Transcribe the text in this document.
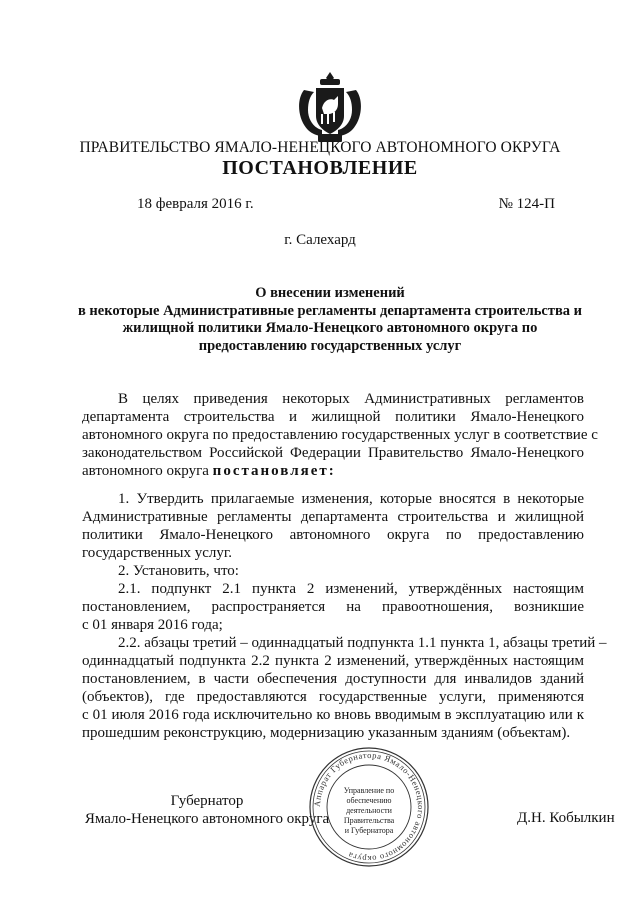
ПРАВИТЕЛЬСТВО ЯМАЛО-НЕНЕЦКОГО АВТОНОМНОГО ОКРУГА
ПОСТАНОВЛЕНИЕ
18 февраля 2016 г.	№ 124-П
г. Салехард
О внесении изменений
в некоторые Административные регламенты департамента строительства и
жилищной политики Ямало-Ненецкого автономного округа по
предоставлению государственных услуг
В целях приведения некоторых Административных регламентов
департамента строительства и жилищной политики Ямало-Ненецкого
автономного округа по предоставлению государственных услуг в соответствие с
законодательством Российской Федерации Правительство Ямало-Ненецкого
автономного округа постановляет:
1. Утвердить прилагаемые изменения, которые вносятся в некоторые
Административные регламенты департамента строительства и жилищной
политики Ямало-Ненецкого автономного округа по предоставлению
государственных услуг.
2. Установить, что:
2.1. подпункт 2.1 пункта 2 изменений, утверждённых настоящим
постановлением, распространяется на правоотношения, возникшие
с 01 января 2016 года;
2.2. абзацы третий – одиннадцатый подпункта 1.1 пункта 1, абзацы третий –
одиннадцатый подпункта 2.2 пункта 2 изменений, утверждённых настоящим
постановлением, в части обеспечения доступности для инвалидов зданий
(объектов), где предоставляются государственные услуги, применяются
с 01 июля 2016 года исключительно ко вновь вводимым в эксплуатацию или к
прошедшим реконструкцию, модернизацию указанным зданиям (объектам).
Губернатор
Ямало-Ненецкого автономного округа	Д.Н. Кобылкин
Аппарат Губернатора Ямало-Ненецкого автономного округа
Управление по
обеспечению
деятельности
Правительства
и Губернатора
